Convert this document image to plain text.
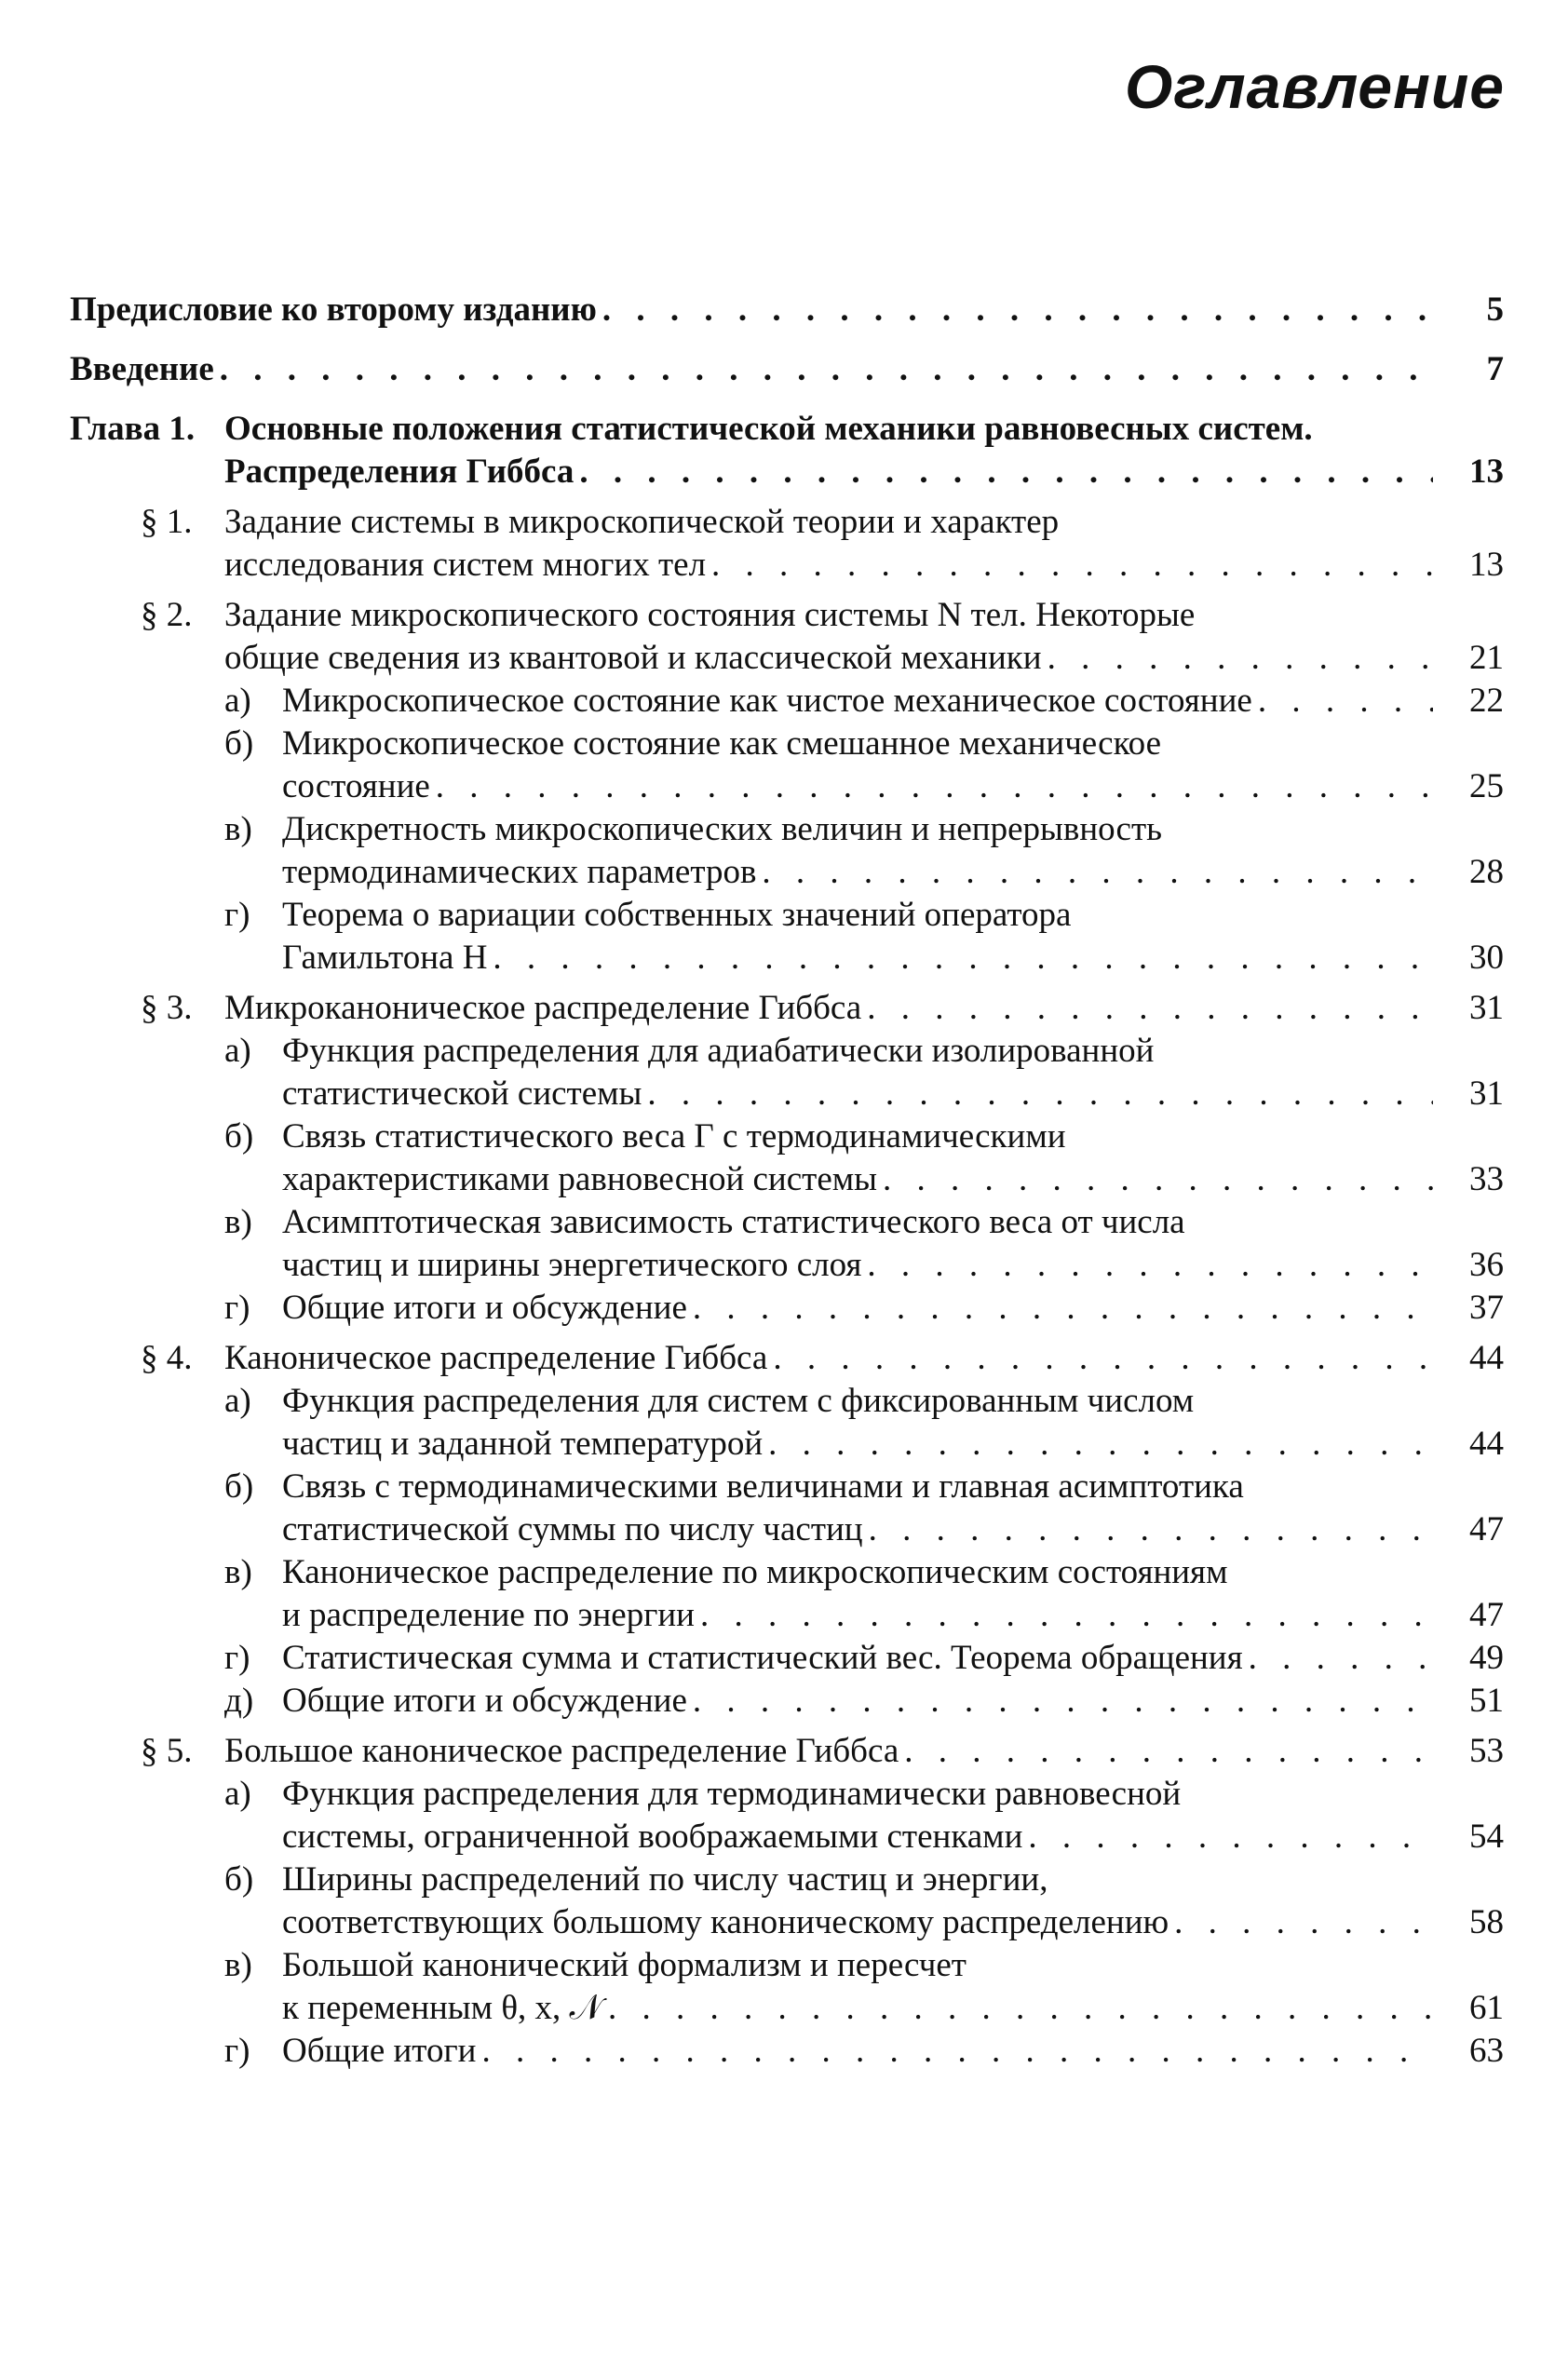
Оглавление
Предисловие ко второму изданию . . .	5
Введение . . .	7
Глава 1. Основные положения статистической механики равновесных систем.
Распределения Гиббса . . .	13
§ 1. Задание системы в микроскопической теории и характер
исследования систем многих тел . . .	13
§ 2. Задание микроскопического состояния системы N тел. Некоторые
общие сведения из квантовой и классической механики . . .	21
а) Микроскопическое состояние как чистое механическое состояние . . .	22
б) Микроскопическое состояние как смешанное механическое
состояние . . .	25
в) Дискретность микроскопических величин и непрерывность
термодинамических параметров . . .	28
г) Теорема о вариации собственных значений оператора
Гамильтона H . . .	30
§ 3. Микроканоническое распределение Гиббса . . .	31
а) Функция распределения для адиабатически изолированной
статистической системы . . .	31
б) Связь статистического веса Γ с термодинамическими
характеристиками равновесной системы . . .	33
в) Асимптотическая зависимость статистического веса от числа
частиц и ширины энергетического слоя . . .	36
г) Общие итоги и обсуждение . . .	37
§ 4. Каноническое распределение Гиббса . . .	44
а) Функция распределения для систем с фиксированным числом
частиц и заданной температурой . . .	44
б) Связь с термодинамическими величинами и главная асимптотика
статистической суммы по числу частиц . . .	47
в) Каноническое распределение по микроскопическим состояниям
и распределение по энергии . . .	47
г) Статистическая сумма и статистический вес. Теорема обращения . . .	49
д) Общие итоги и обсуждение . . .	51
§ 5. Большое каноническое распределение Гиббса . . .	53
а) Функция распределения для термодинамически равновесной
системы, ограниченной воображаемыми стенками . . .	54
б) Ширины распределений по числу частиц и энергии,
соответствующих большому каноническому распределению . . .	58
в) Большой канонический формализм и пересчет
к переменным θ, x, 𝒩 . . .	61
г) Общие итоги . . .	63
